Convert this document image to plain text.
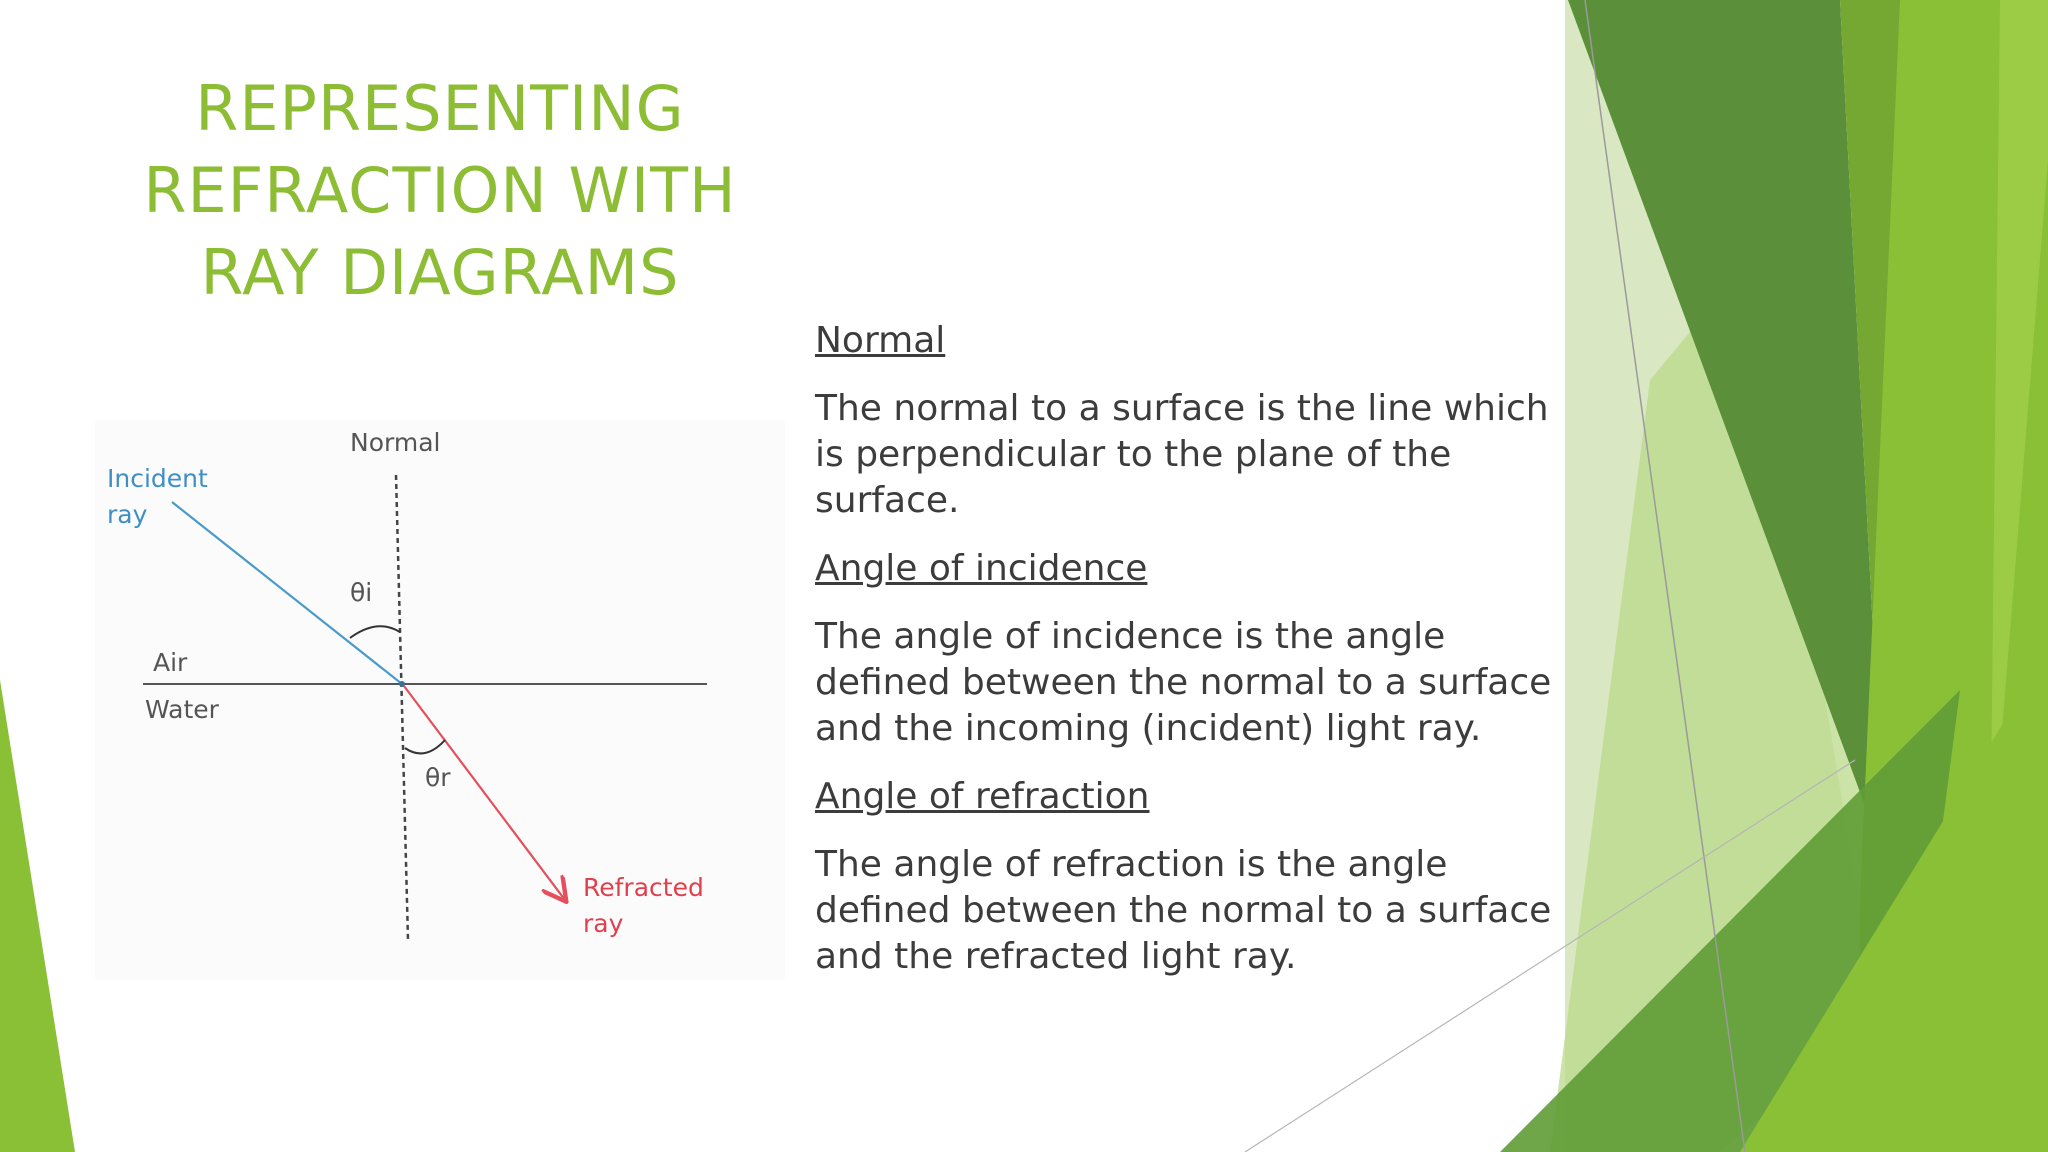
REPRESENTING
REFRACTION WITH
RAY DIAGRAMS
Normal
Incident
ray
θi
Air
Water
θr
Refracted
ray

Normal

The normal to a surface is the line which is perpendicular to the plane of the surface.

Angle of incidence

The angle of incidence is the angle defined between the normal to a surface and the incoming (incident) light ray.

Angle of refraction

The angle of refraction is the angle defined between the normal to a surface and the refracted light ray.
